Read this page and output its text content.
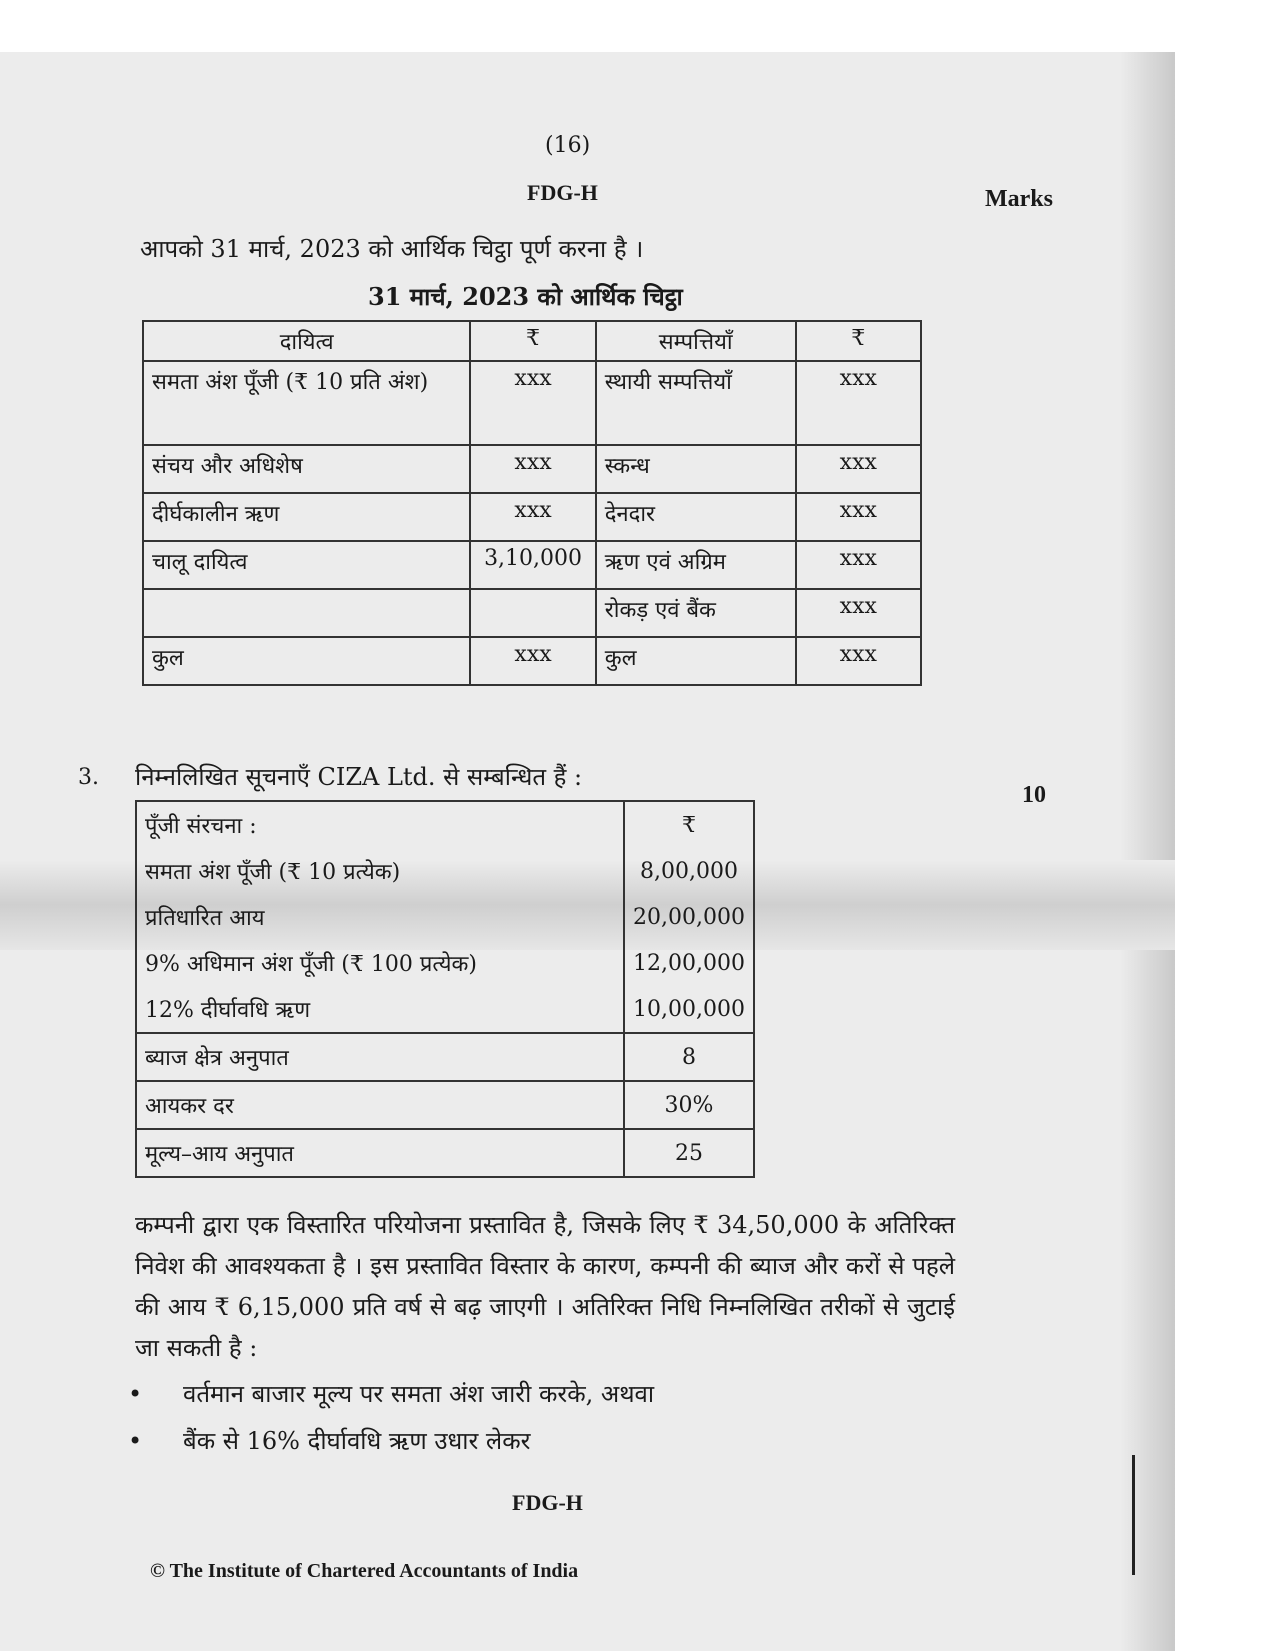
(16)
FDG-H	Marks
आपको 31 मार्च, 2023 को आर्थिक चिट्ठा पूर्ण करना है ।
31 मार्च, 2023 को आर्थिक चिट्ठा
दायित्व	₹	सम्पत्तियाँ	₹
समता अंश पूँजी (₹ 10 प्रति अंश)	xxx	स्थायी सम्पत्तियाँ	xxx
संचय और अधिशेष	xxx	स्कन्ध	xxx
दीर्घकालीन ऋण	xxx	देनदार	xxx
चालू दायित्व	3,10,000	ऋण एवं अग्रिम	xxx
		रोकड़ एवं बैंक	xxx
कुल	xxx	कुल	xxx
3. निम्नलिखित सूचनाएँ CIZA Ltd. से सम्बन्धित हैं :
10
पूँजी संरचना :	₹
समता अंश पूँजी (₹ 10 प्रत्येक)	8,00,000
प्रतिधारित आय	20,00,000
9% अधिमान अंश पूँजी (₹ 100 प्रत्येक)	12,00,000
12% दीर्घावधि ऋण	10,00,000
ब्याज क्षेत्र अनुपात	8
आयकर दर	30%
मूल्य–आय अनुपात	25
कम्पनी द्वारा एक विस्तारित परियोजना प्रस्तावित है, जिसके लिए ₹ 34,50,000 के अतिरिक्त निवेश की आवश्यकता है । इस प्रस्तावित विस्तार के कारण, कम्पनी की ब्याज और करों से पहले की आय ₹ 6,15,000 प्रति वर्ष से बढ़ जाएगी । अतिरिक्त निधि निम्नलिखित तरीकों से जुटाई जा सकती है :
• वर्तमान बाजार मूल्य पर समता अंश जारी करके, अथवा
• बैंक से 16% दीर्घावधि ऋण उधार लेकर
FDG-H
© The Institute of Chartered Accountants of India
